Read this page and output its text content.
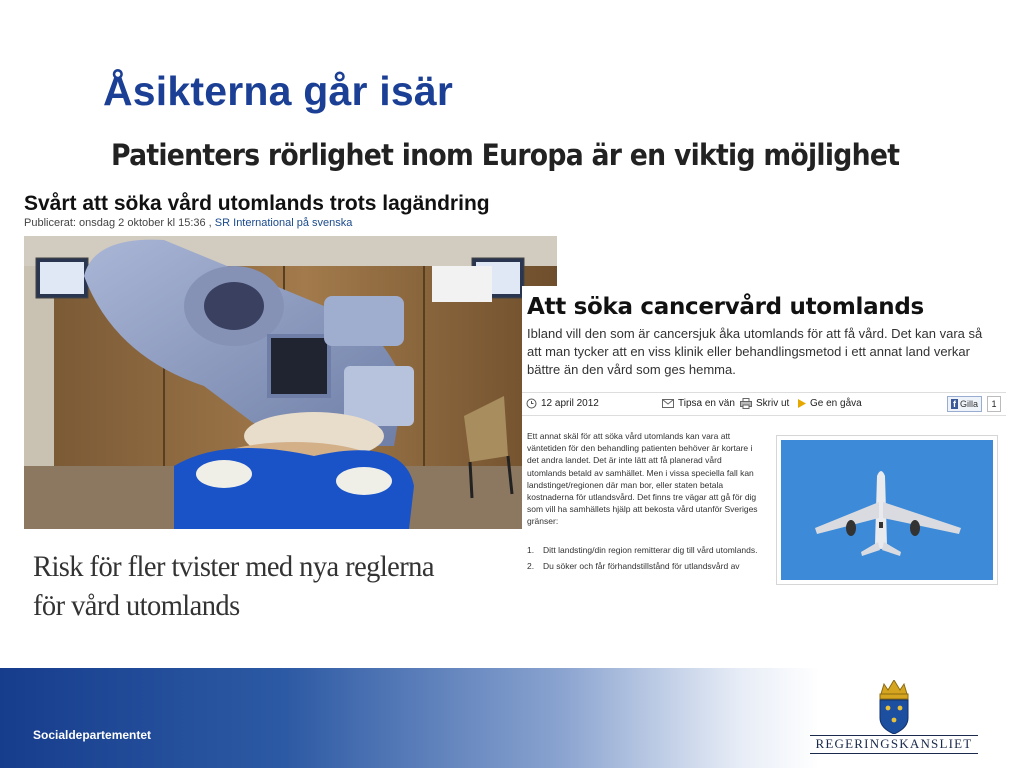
Åsikterna går isär
Patienters rörlighet inom Europa är en viktig möjlighet
Svårt att söka vård utomlands trots lagändring
Publicerat: onsdag 2 oktober kl 15:36 , SR International på svenska
Risk för fler tvister med nya reglerna
för vård utomlands
Att söka cancervård utomlands
Ibland vill den som är cancersjuk åka utomlands för att få vård. Det kan vara så att man tycker att en viss klinik eller behandlingsmetod i ett annat land verkar bättre än den vård som ges hemma.
12 april 2012	Tipsa en vän	Skriv ut	Ge en gåva	f Gilla	1
Ett annat skäl för att söka vård utomlands kan vara att väntetiden för den behandling patienten behöver är kortare i det andra landet. Det är inte lätt att få planerad vård utomlands betald av samhället. Men i vissa speciella fall kan landstinget/regionen där man bor, eller staten betala kostnaderna för utlandsvård. Det finns tre vägar att gå för dig som vill ha samhällets hjälp att bekosta vård utanför Sveriges gränser:
1.	Ditt landsting/din region remitterar dig till vård utomlands.
2.	Du söker och får förhandstillstånd för utlandsvård av
Socialdepartementet
REGERINGSKANSLIET
